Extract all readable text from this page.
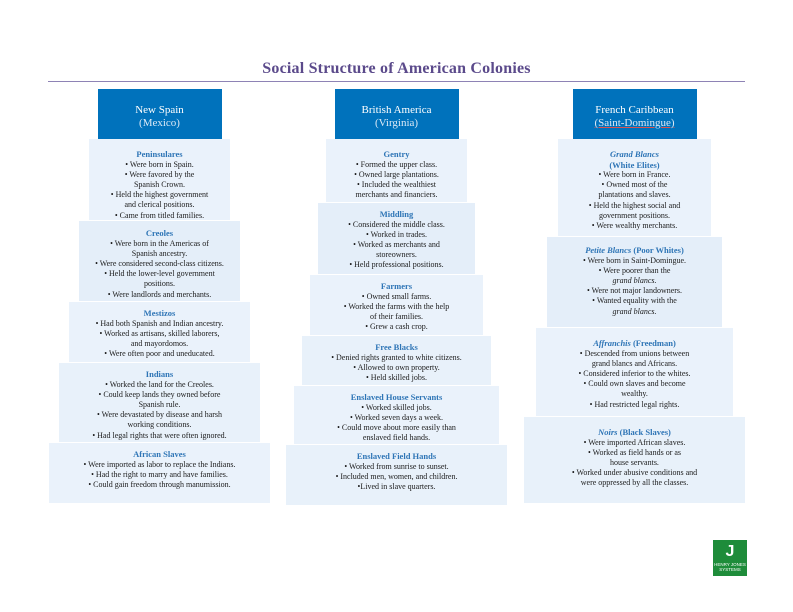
Social Structure of American Colonies
New Spain
(Mexico)
Peninsulares
• Were born in Spain.
• Were favored by the
Spanish Crown.
• Held the highest government
and clerical positions.
• Came from titled families.
Creoles
• Were born in the Americas of
Spanish ancestry.
• Were considered second-class citizens.
• Held the lower-level government
positions.
• Were landlords and merchants.
Mestizos
• Had both Spanish and Indian ancestry.
• Worked as artisans, skilled laborers,
and mayordomos.
• Were often poor and uneducated.
Indians
• Worked the land for the Creoles.
• Could keep lands they owned before
Spanish rule.
• Were devastated by disease and harsh
working conditions.
• Had legal rights that were often ignored.
African Slaves
• Were imported as labor to replace the Indians.
• Had the right to marry and have families.
• Could gain freedom through manumission.
British America
(Virginia)
Gentry
• Formed the upper class.
• Owned large plantations.
• Included the wealthiest
merchants and financiers.
Middling
• Considered the middle class.
• Worked in trades.
• Worked as merchants and
storeowners.
• Held professional positions.
Farmers
• Owned small farms.
• Worked the farms with the help
of their families.
• Grew a cash crop.
Free Blacks
• Denied rights granted to white citizens.
• Allowed to own property.
• Held skilled jobs.
Enslaved House Servants
• Worked skilled jobs.
• Worked seven days a week.
• Could move about more easily than
enslaved field hands.
Enslaved Field Hands
• Worked from sunrise to sunset.
• Included men, women, and children.
•Lived in slave quarters.
French Caribbean
(Saint-Domingue)
Grand Blancs
(White Elites)
• Were born in France.
• Owned most of the
plantations and slaves.
• Held the highest social and
government positions.
• Were wealthy merchants.
Petite Blancs (Poor Whites)
• Were born in Saint-Domingue.
• Were poorer than the
grand blancs.
• Were not major landowners.
• Wanted equality with the
grand blancs.
Affranchis (Freedman)
• Descended from unions between
grand blancs and Africans.
• Considered inferior to the whites.
• Could own slaves and become
wealthy.
• Had restricted legal rights.
Noirs (Black Slaves)
• Were imported African slaves.
• Worked as field hands or as
house servants.
• Worked under abusive conditions and
were oppressed by all the classes.
J
HENRY JONES SYSTEMS
